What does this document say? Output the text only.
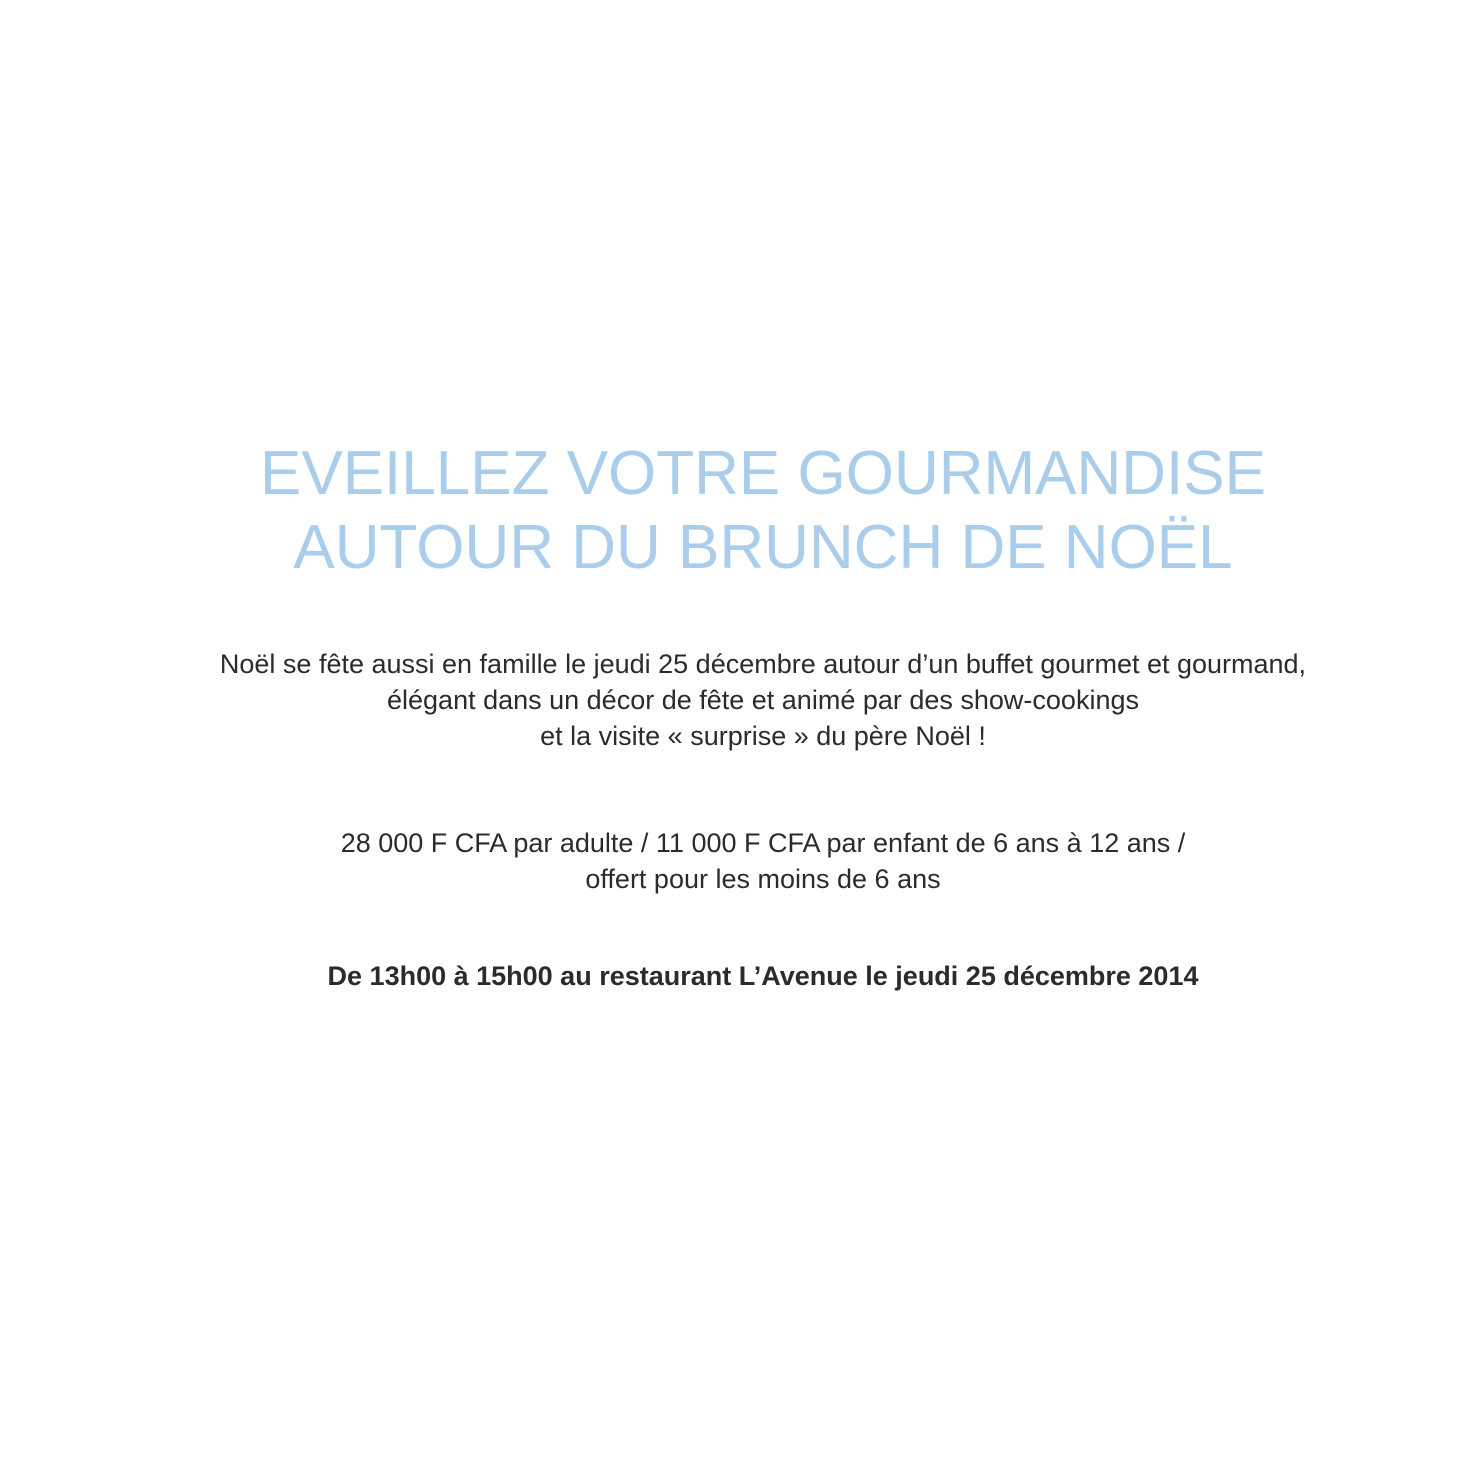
EVEILLEZ VOTRE GOURMANDISE
AUTOUR DU BRUNCH DE NOËL

Noël se fête aussi en famille le jeudi 25 décembre autour d’un buffet gourmet et gourmand,

élégant dans un décor de fête et animé par des show-cookings

et la visite « surprise » du père Noël !

28 000 F CFA par adulte / 11 000 F CFA par enfant de 6 ans à 12 ans /

offert pour les moins de 6 ans

De 13h00 à 15h00 au restaurant L’Avenue le jeudi 25 décembre 2014
